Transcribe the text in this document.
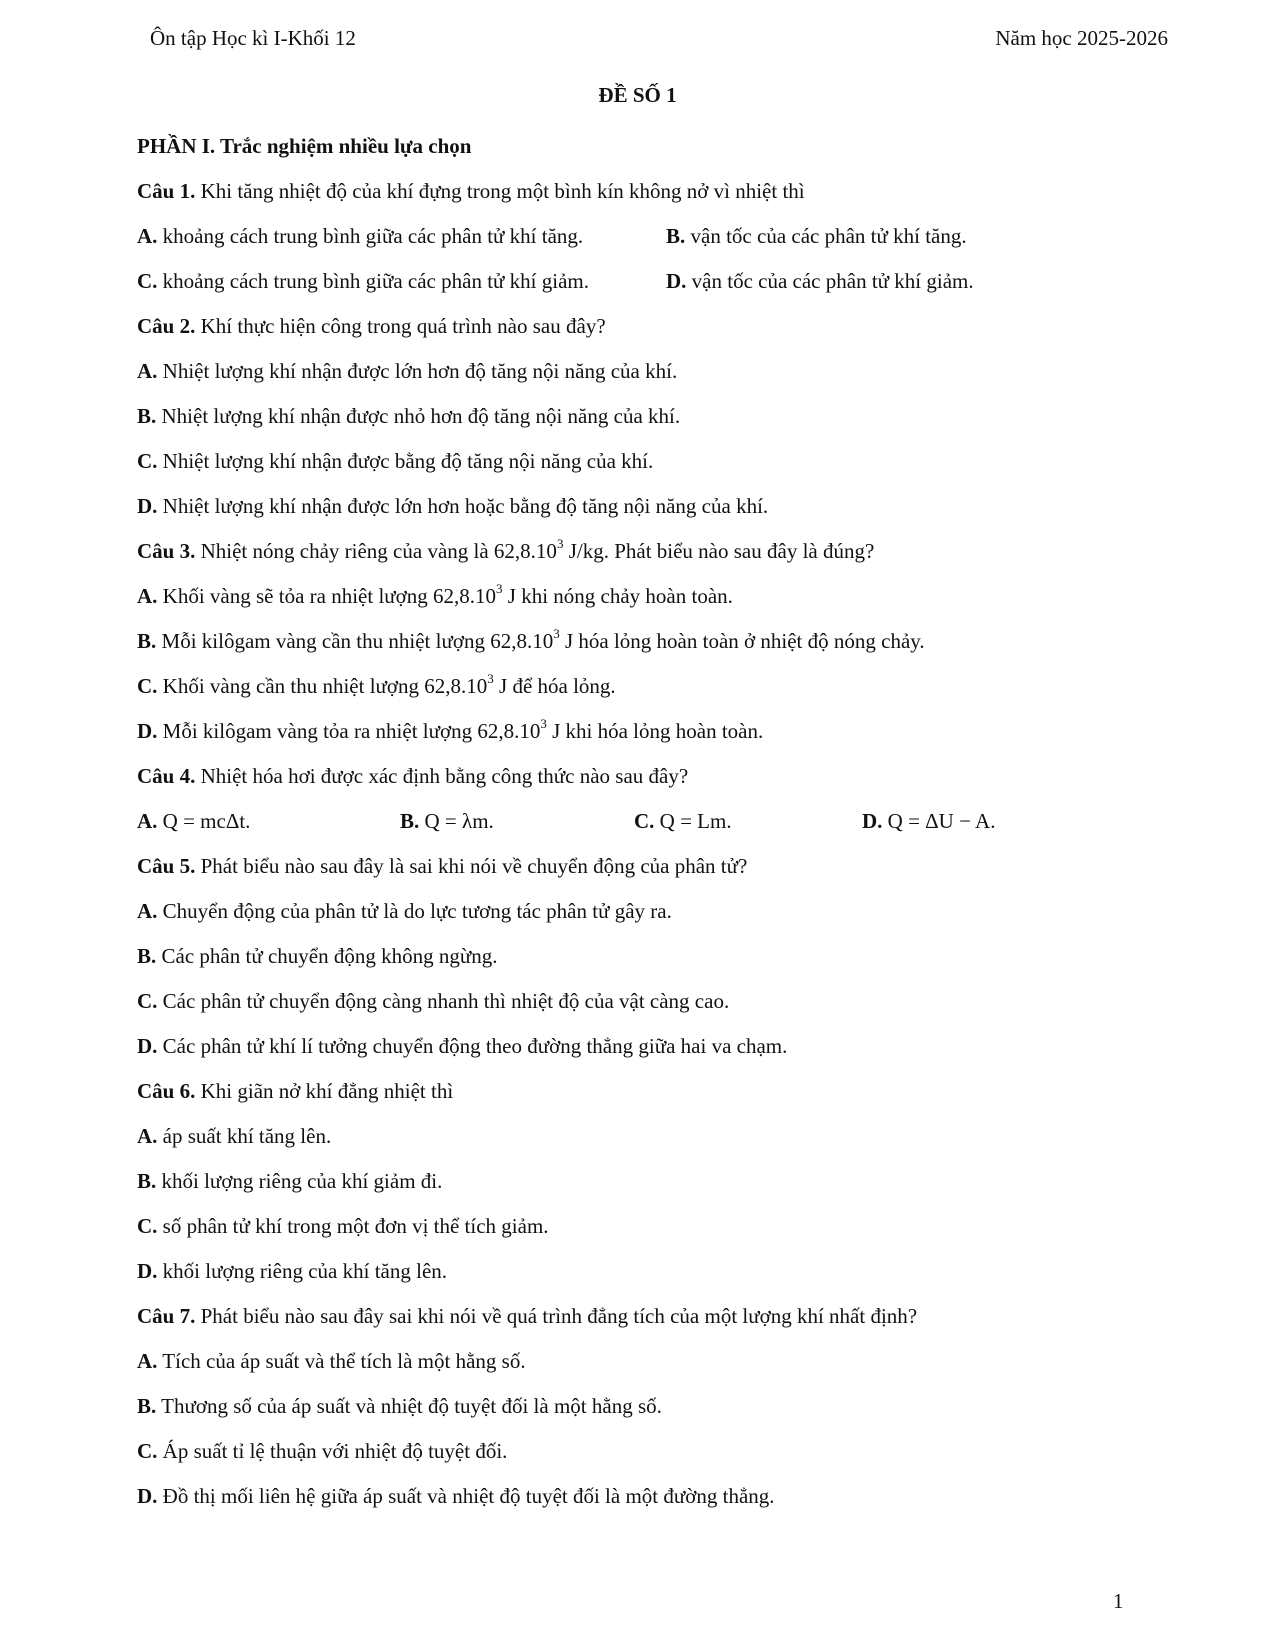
Ôn tập Học kì I-Khối 12	Năm học 2025-2026
ĐỀ SỐ 1
PHẦN I. Trắc nghiệm nhiều lựa chọn
Câu 1. Khi tăng nhiệt độ của khí đựng trong một bình kín không nở vì nhiệt thì
A. khoảng cách trung bình giữa các phân tử khí tăng.	B. vận tốc của các phân tử khí tăng.
C. khoảng cách trung bình giữa các phân tử khí giảm.	D. vận tốc của các phân tử khí giảm.
Câu 2. Khí thực hiện công trong quá trình nào sau đây?
A. Nhiệt lượng khí nhận được lớn hơn độ tăng nội năng của khí.
B. Nhiệt lượng khí nhận được nhỏ hơn độ tăng nội năng của khí.
C. Nhiệt lượng khí nhận được bằng độ tăng nội năng của khí.
D. Nhiệt lượng khí nhận được lớn hơn hoặc bằng độ tăng nội năng của khí.
Câu 3. Nhiệt nóng chảy riêng của vàng là 62,8.10$^3$ J/kg. Phát biểu nào sau đây là đúng?
A. Khối vàng sẽ tỏa ra nhiệt lượng 62,8.10$^3$ J khi nóng chảy hoàn toàn.
B. Mỗi kilôgam vàng cần thu nhiệt lượng 62,8.10$^3$ J hóa lỏng hoàn toàn ở nhiệt độ nóng chảy.
C. Khối vàng cần thu nhiệt lượng 62,8.10$^3$ J để hóa lỏng.
D. Mỗi kilôgam vàng tỏa ra nhiệt lượng 62,8.10$^3$ J khi hóa lỏng hoàn toàn.
Câu 4. Nhiệt hóa hơi được xác định bằng công thức nào sau đây?
A. Q = mcΔt.	B. Q = λm.	C. Q = Lm.	D. Q = ΔU − A.
Câu 5. Phát biểu nào sau đây là sai khi nói về chuyển động của phân tử?
A. Chuyển động của phân tử là do lực tương tác phân tử gây ra.
B. Các phân tử chuyển động không ngừng.
C. Các phân tử chuyển động càng nhanh thì nhiệt độ của vật càng cao.
D. Các phân tử khí lí tưởng chuyển động theo đường thẳng giữa hai va chạm.
Câu 6. Khi giãn nở khí đẳng nhiệt thì
A. áp suất khí tăng lên.
B. khối lượng riêng của khí giảm đi.
C. số phân tử khí trong một đơn vị thể tích giảm.
D. khối lượng riêng của khí tăng lên.
Câu 7. Phát biểu nào sau đây sai khi nói về quá trình đẳng tích của một lượng khí nhất định?
A. Tích của áp suất và thể tích là một hằng số.
B. Thương số của áp suất và nhiệt độ tuyệt đối là một hằng số.
C. Áp suất tỉ lệ thuận với nhiệt độ tuyệt đối.
D. Đồ thị mối liên hệ giữa áp suất và nhiệt độ tuyệt đối là một đường thẳng.
1
